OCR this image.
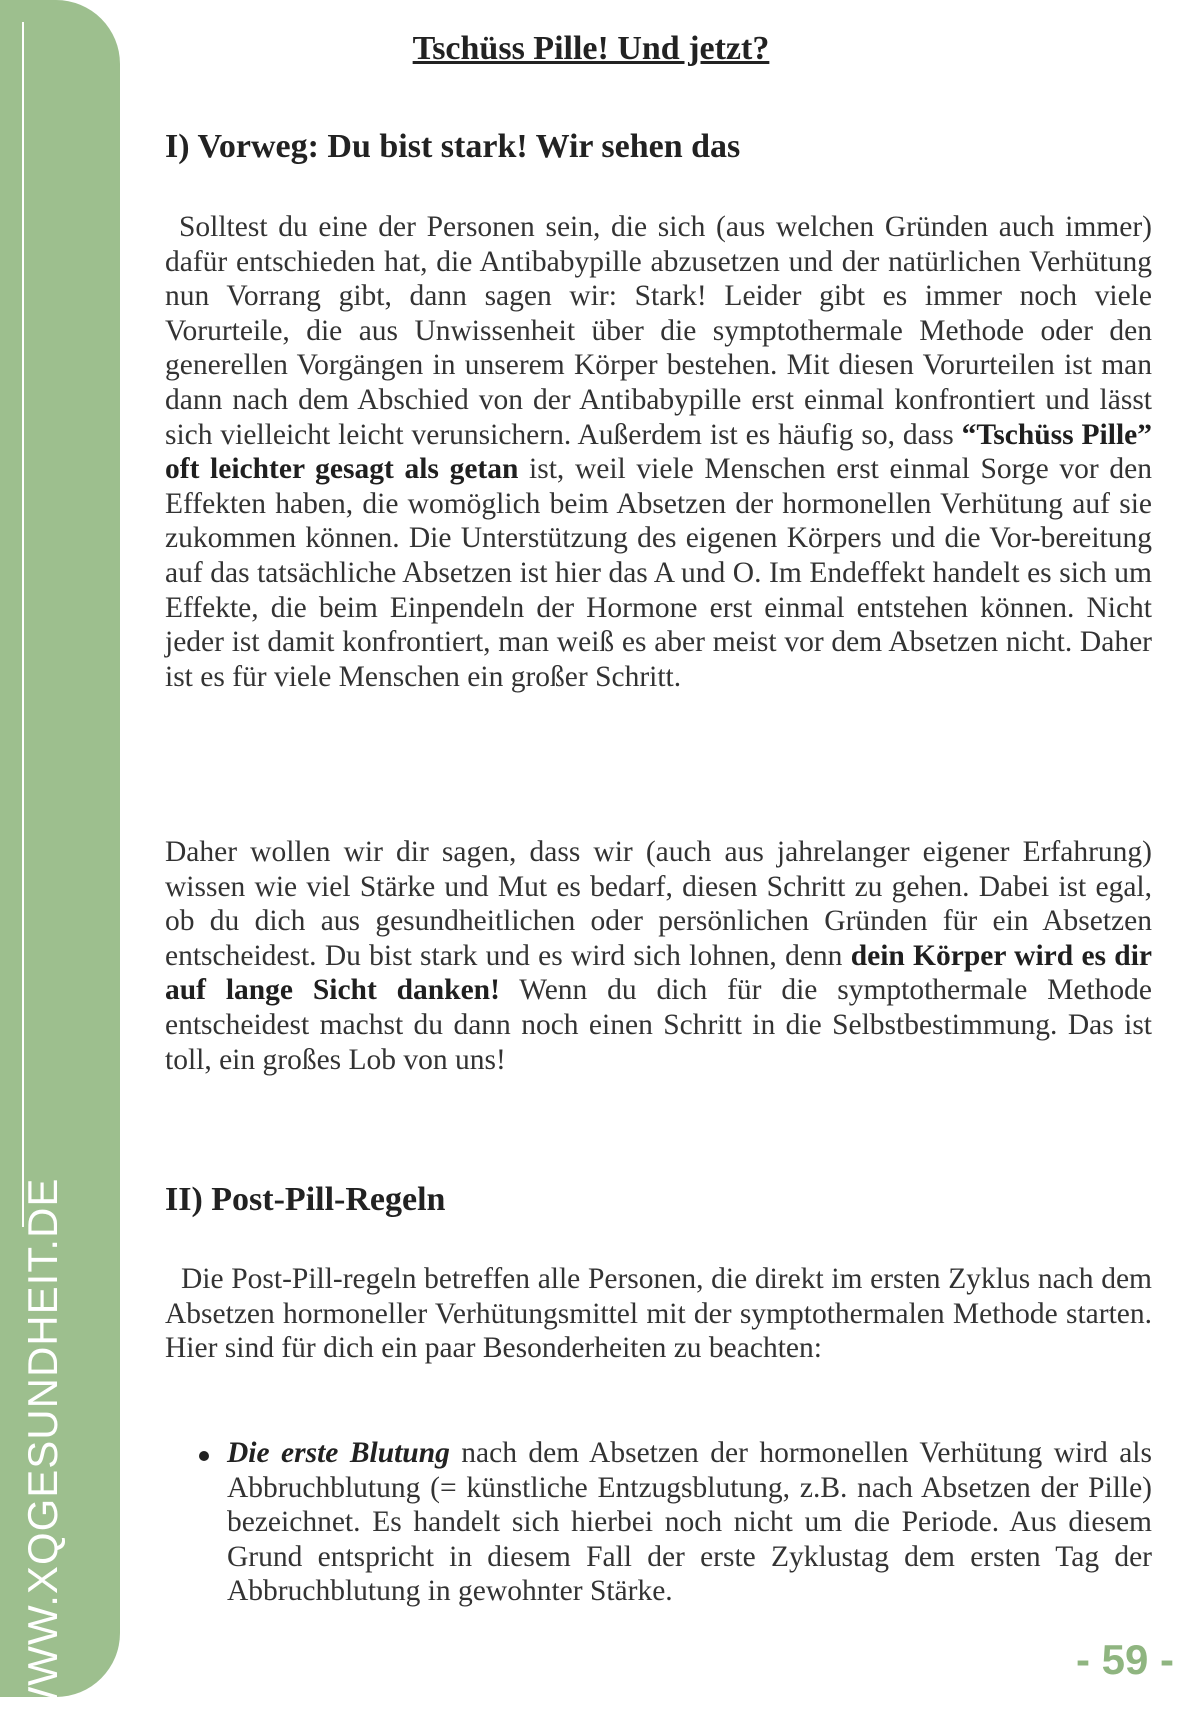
WWW.XQGESUNDHEIT.DE
Tschüss Pille! Und jetzt?
I) Vorweg: Du bist stark! Wir sehen das

Solltest du eine der Personen sein, die sich (aus welchen Gründen auch immer) dafür entschieden hat, die Antibabypille abzusetzen und der natürlichen Verhütung nun Vorrang gibt, dann sagen wir: Stark! Leider gibt es immer noch viele Vorurteile, die aus Unwissenheit über die symptothermale Methode oder den generellen Vorgängen in unserem Körper bestehen. Mit diesen Vorurteilen ist man dann nach dem Abschied von der Antibabypille erst einmal konfrontiert und lässt sich vielleicht leicht verunsichern. Außerdem ist es häufig so, dass “Tschüss Pille” oft leichter gesagt als getan ist, weil viele Menschen erst einmal Sorge vor den Effekten haben, die womöglich beim Absetzen der hormonellen Verhütung auf sie zukommen können. Die Unterstützung des eigenen Körpers und die Vor-bereitung auf das tatsächliche Absetzen ist hier das A und O. Im Endeffekt handelt es sich um Effekte, die beim Einpendeln der Hormone erst einmal entstehen können. Nicht jeder ist damit konfrontiert, man weiß es aber meist vor dem Absetzen nicht. Daher ist es für viele Menschen ein großer Schritt.

Daher wollen wir dir sagen, dass wir (auch aus jahrelanger eigener Erfahrung) wissen wie viel Stärke und Mut es bedarf, diesen Schritt zu gehen. Dabei ist egal, ob du dich aus gesundheitlichen oder persönlichen Gründen für ein Absetzen entscheidest. Du bist stark und es wird sich lohnen, denn dein Körper wird es dir auf lange Sicht danken! Wenn du dich für die symptothermale Methode entscheidest machst du dann noch einen Schritt in die Selbstbestimmung. Das ist toll, ein großes Lob von uns!

II) Post-Pill-Regeln

Die Post-Pill-regeln betreffen alle Personen, die direkt im ersten Zyklus nach dem Absetzen hormoneller Verhütungsmittel mit der symptothermalen Methode starten. Hier sind für dich ein paar Besonderheiten zu beachten:

Die erste Blutung nach dem Absetzen der hormonellen Verhütung wird als Abbruchblutung (= künstliche Entzugsblutung, z.B. nach Absetzen der Pille) bezeichnet. Es handelt sich hierbei noch nicht um die Periode. Aus diesem Grund entspricht in diesem Fall der erste Zyklustag dem ersten Tag der Abbruchblutung in gewohnter Stärke.
- 59 -
